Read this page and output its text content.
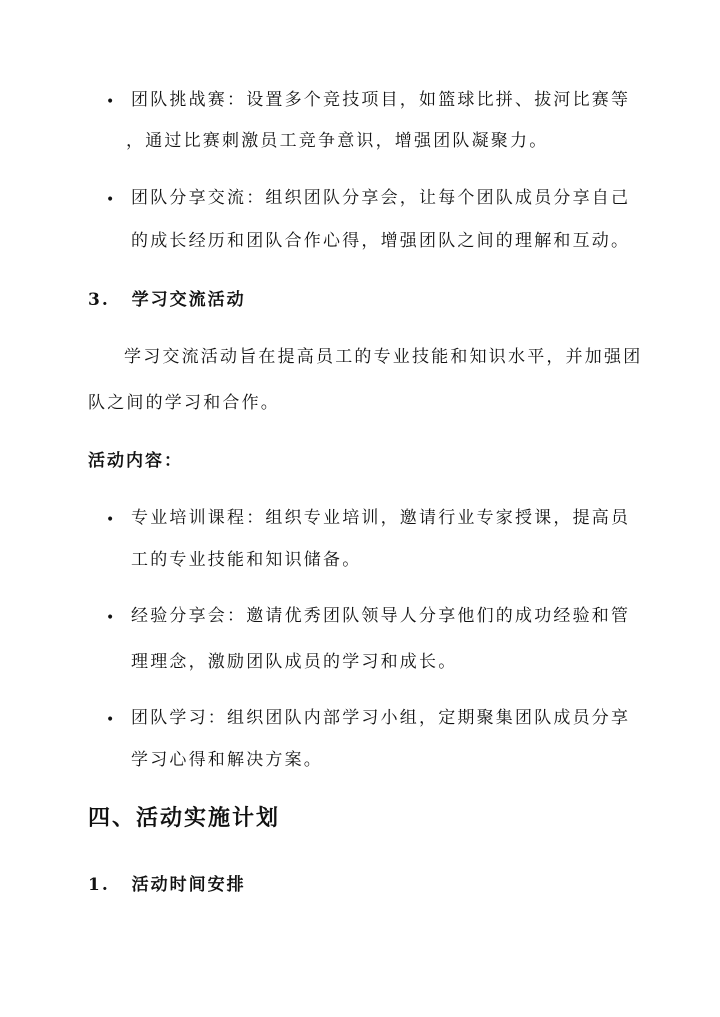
• 团队挑战赛：设置多个竞技项目，如篮球比拼、拔河比赛等
，通过比赛刺激员工竞争意识，增强团队凝聚力。
• 团队分享交流：组织团队分享会，让每个团队成员分享自己
的成长经历和团队合作心得，增强团队之间的理解和互动。
3. 学习交流活动
学习交流活动旨在提高员工的专业技能和知识水平，并加强团
队之间的学习和合作。
活动内容：
• 专业培训课程：组织专业培训，邀请行业专家授课，提高员
工的专业技能和知识储备。
• 经验分享会：邀请优秀团队领导人分享他们的成功经验和管
理理念，激励团队成员的学习和成长。
• 团队学习：组织团队内部学习小组，定期聚集团队成员分享
学习心得和解决方案。
四、活动实施计划
1. 活动时间安排
